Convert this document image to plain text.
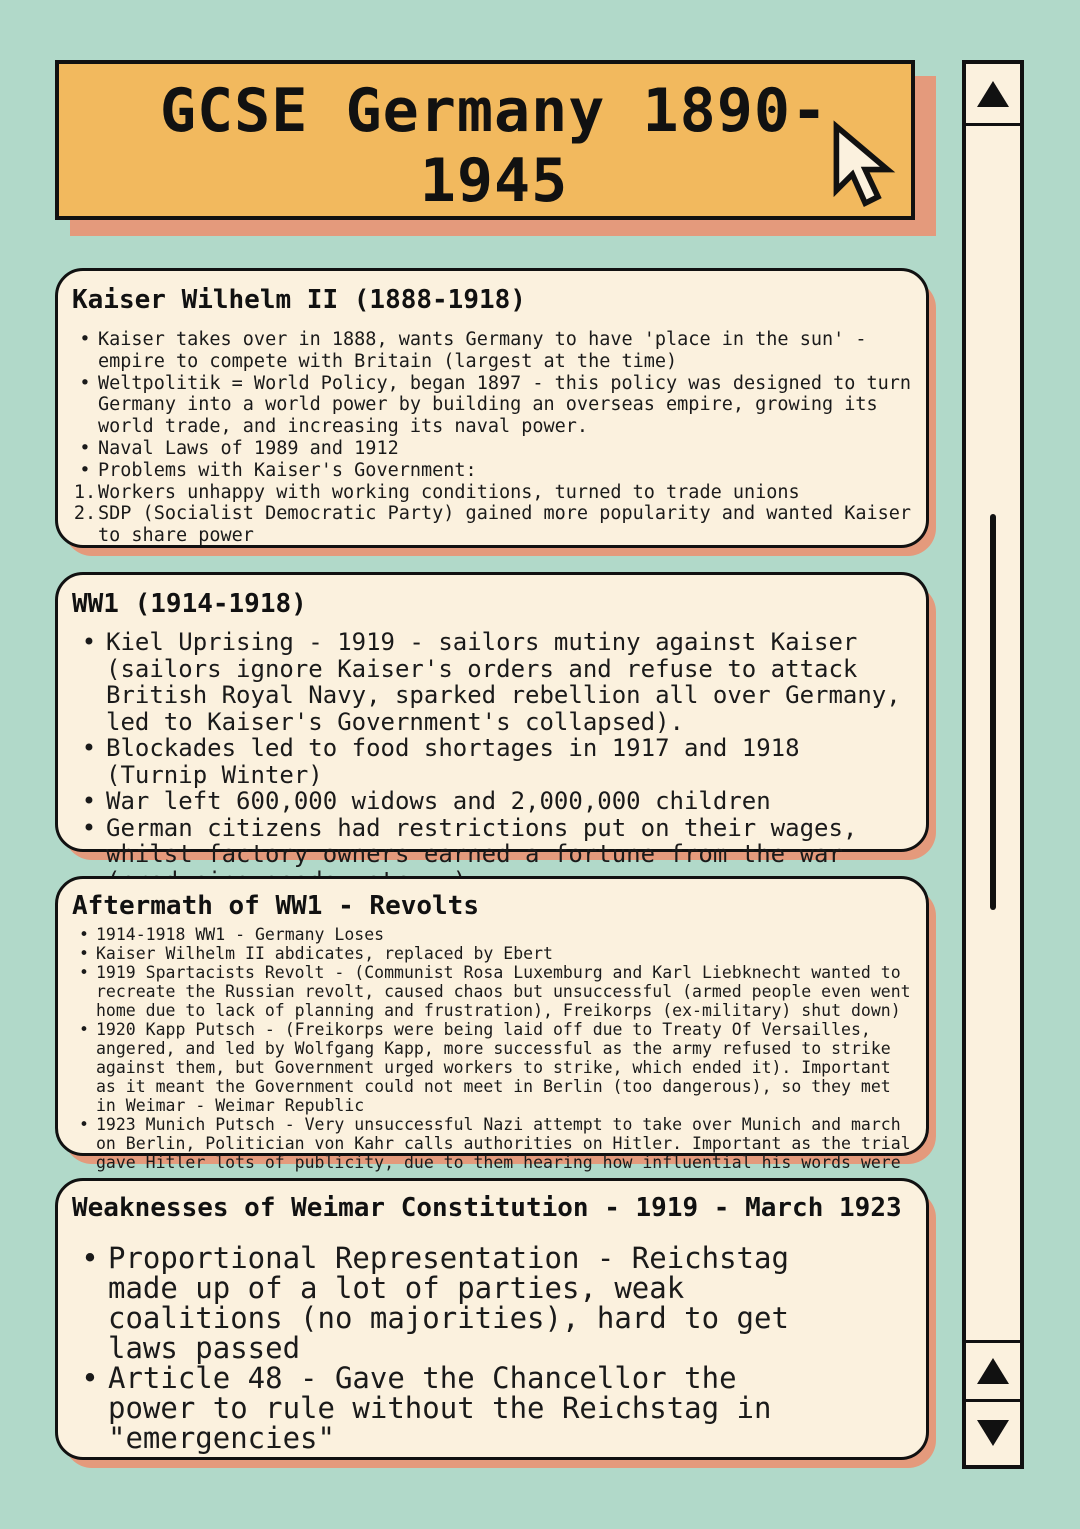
GCSE Germany 1890-
1945
Kaiser Wilhelm II (1888-1918)
• Kaiser takes over in 1888, wants Germany to have 'place in the sun' - empire to compete with Britain (largest at the time)
• Weltpolitik = World Policy, began 1897 - this policy was designed to turn Germany into a world power by building an overseas empire, growing its world trade, and increasing its naval power.
• Naval Laws of 1989 and 1912
• Problems with Kaiser's Government:
1. Workers unhappy with working conditions, turned to trade unions
2. SDP (Socialist Democratic Party) gained more popularity and wanted Kaiser to share power
WW1 (1914-1918)
• Kiel Uprising - 1919 - sailors mutiny against Kaiser (sailors ignore Kaiser's orders and refuse to attack British Royal Navy, sparked rebellion all over Germany, led to Kaiser's Government's collapsed).
• Blockades led to food shortages in 1917 and 1918 (Turnip Winter)
• War left 600,000 widows and 2,000,000 children
• German citizens had restrictions put on their wages, whilst factory owners earned a fortune from the war
Aftermath of WW1 - Revolts
• 1914-1918 WW1 - Germany Loses
• Kaiser Wilhelm II abdicates, replaced by Ebert
• 1919 Spartacists Revolt - (Communist Rosa Luxemburg and Karl Liebknecht wanted to recreate the Russian revolt, caused chaos but unsuccessful (armed people even went home due to lack of planning and frustration), Freikorps (ex-military) shut down)
• 1920 Kapp Putsch - (Freikorps were being laid off due to Treaty Of Versailles, angered, and led by Wolfgang Kapp, more successful as the army refused to strike against them, but Government urged workers to strike, which ended it). Important as it meant the Government could not meet in Berlin (too dangerous), so they met in Weimar - Weimar Republic
• 1923 Munich Putsch - Very unsuccessful Nazi attempt to take over Munich and march on Berlin, Politician von Kahr calls authorities on Hitler. Important as the trial gave Hitler lots of publicity, due to them hearing how influential his words were
Weaknesses of Weimar Constitution - 1919 - March 1923
• Proportional Representation - Reichstag made up of a lot of parties, weak coalitions (no majorities), hard to get laws passed
• Article 48 - Gave the Chancellor the power to rule without the Reichstag in "emergencies"
